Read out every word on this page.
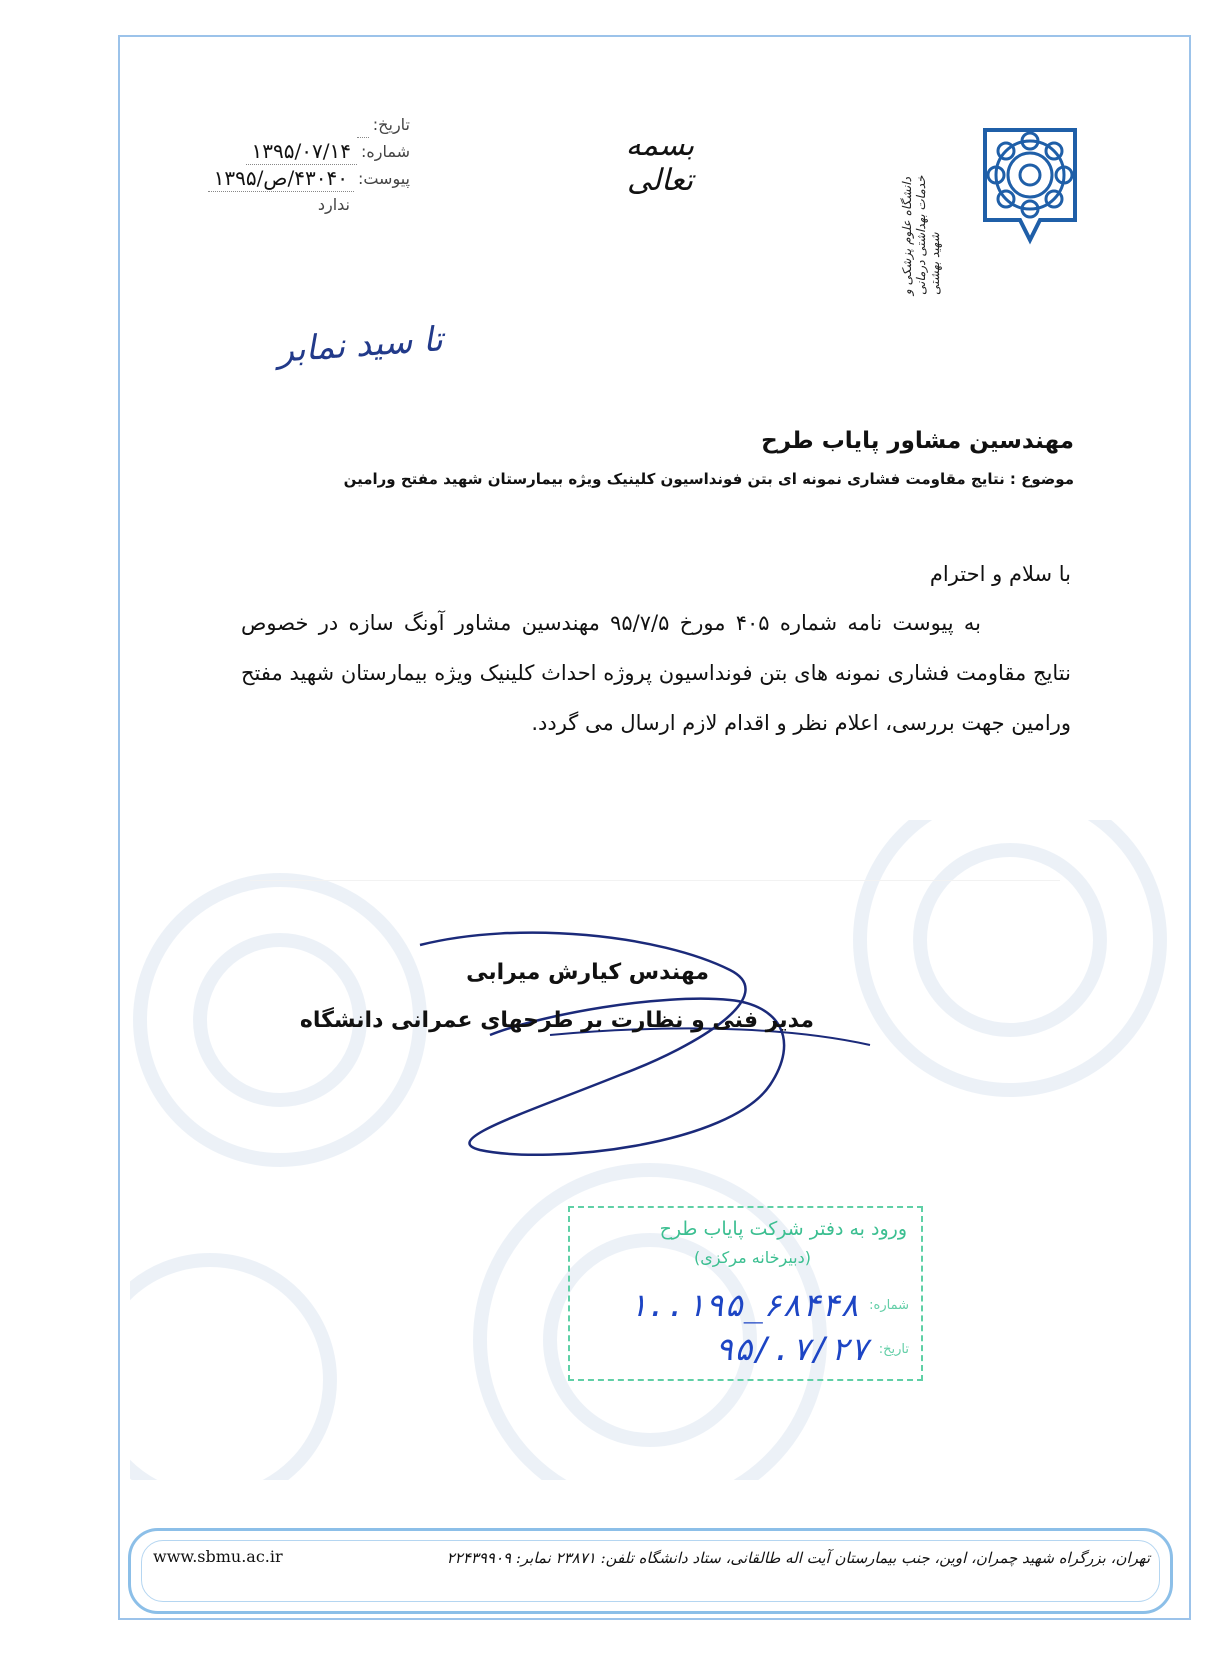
تاریخ:
شماره:
۱۳۹۵/۰۷/۱۴
پیوست:
۴۳۰۴۰/ص/۱۳۹۵
ندارد
بسمه تعالی	دانشگاه علوم پزشکی و خدمات بهداشتی درمانی شهید بهشتی
تا سید نمابر
مهندسین مشاور پایاب طرح
موضوع : نتایج مقاومت فشاری نمونه ای بتن فونداسیون کلینیک ویژه بیمارستان شهید مفتح ورامین
با سلام و احترام
به پیوست نامه شماره ۴۰۵ مورخ ۹۵/۷/۵ مهندسین مشاور آونگ سازه در خصوص نتایج مقاومت فشاری نمونه های بتن فونداسیون پروژه احداث کلینیک ویژه بیمارستان شهید مفتح ورامین جهت بررسی، اعلام نظر و اقدام لازم ارسال می گردد.
مهندس کیارش میرابی
مدیر فنی و نظارت بر طرحهای عمرانی دانشگاه
ورود به دفتر شرکت پایاب طرح
(دبیرخانه مرکزی)
شماره:
۱..۱۹۵_۶۸۴۴۸
تاریخ:
۹۵/.۷/۲۷
تهران، بزرگراه شهید چمران، اوین، جنب بیمارستان آیت اله طالقانی، ستاد دانشگاه تلفن: ۲۳۸۷۱ نمابر: ۲۲۴۳۹۹۰۹
www.sbmu.ac.ir
